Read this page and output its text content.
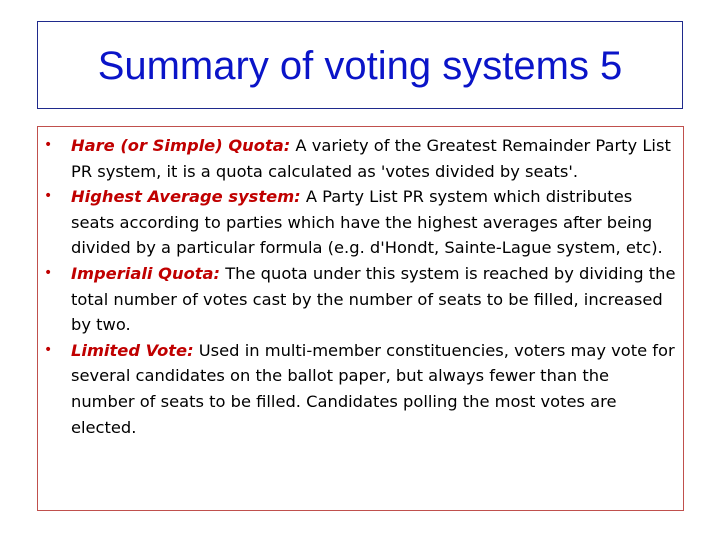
Summary of voting systems 5
• Hare (or Simple) Quota: A variety of the Greatest Remainder Party List PR system, it is a quota calculated as 'votes divided by seats'.
• Highest Average system: A Party List PR system which distributes seats according to parties which have the highest averages after being divided by a particular formula (e.g. d'Hondt, Sainte-Lague system, etc).
• Imperiali Quota: The quota under this system is reached by dividing the total number of votes cast by the number of seats to be filled, increased by two.
• Limited Vote: Used in multi-member constituencies, voters may vote for several candidates on the ballot paper, but always fewer than the number of seats to be filled. Candidates polling the most votes are elected.
